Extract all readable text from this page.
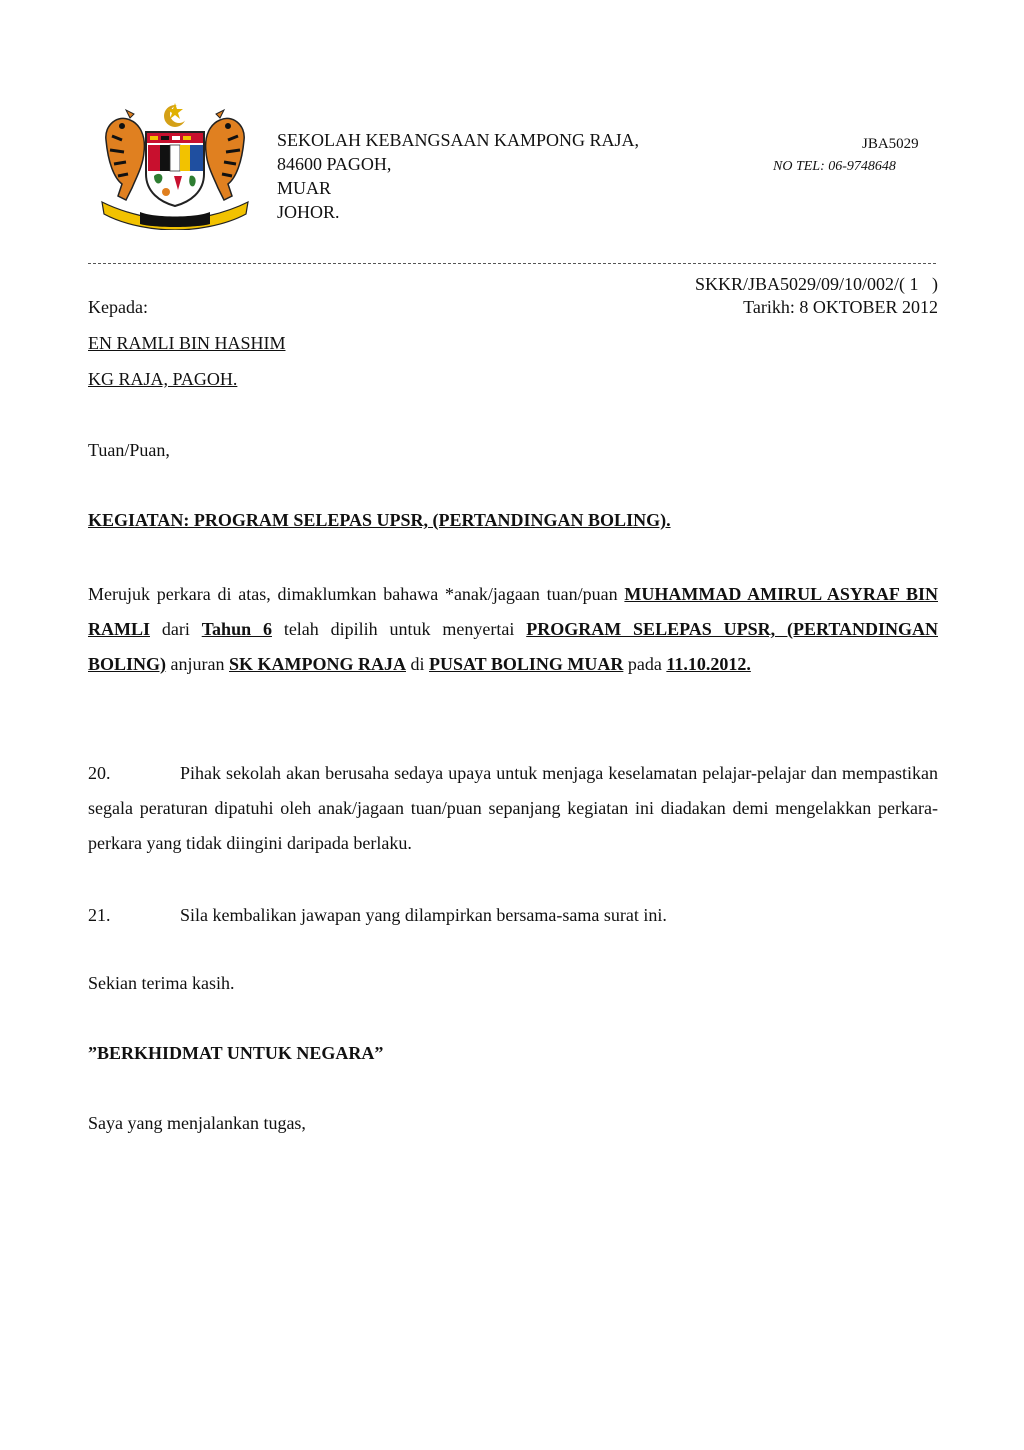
SEKOLAH KEBANGSAAN KAMPONG RAJA,
84600 PAGOH,
MUAR
JOHOR.
JBA5029
NO TEL: 06-9748648
SKKR/JBA5029/09/10/002/( 1   )
Kepada:	Tarikh: 8 OKTOBER 2012
EN RAMLI BIN HASHIM
KG RAJA, PAGOH.
Tuan/Puan,
KEGIATAN: PROGRAM SELEPAS UPSR, (PERTANDINGAN BOLING).
Merujuk perkara di atas, dimaklumkan bahawa *anak/jagaan tuan/puan MUHAMMAD AMIRUL ASYRAF BIN RAMLI dari Tahun 6 telah dipilih untuk menyertai PROGRAM SELEPAS UPSR, (PERTANDINGAN BOLING) anjuran SK KAMPONG RAJA di PUSAT BOLING MUAR pada 11.10.2012.
20.	Pihak sekolah akan berusaha sedaya upaya untuk menjaga keselamatan pelajar-pelajar dan mempastikan segala peraturan dipatuhi oleh anak/jagaan tuan/puan sepanjang kegiatan ini diadakan demi mengelakkan perkara-perkara yang tidak diingini daripada berlaku.
21.	Sila kembalikan jawapan yang dilampirkan bersama-sama surat ini.
Sekian terima kasih.
”BERKHIDMAT UNTUK NEGARA”
Saya yang menjalankan tugas,
